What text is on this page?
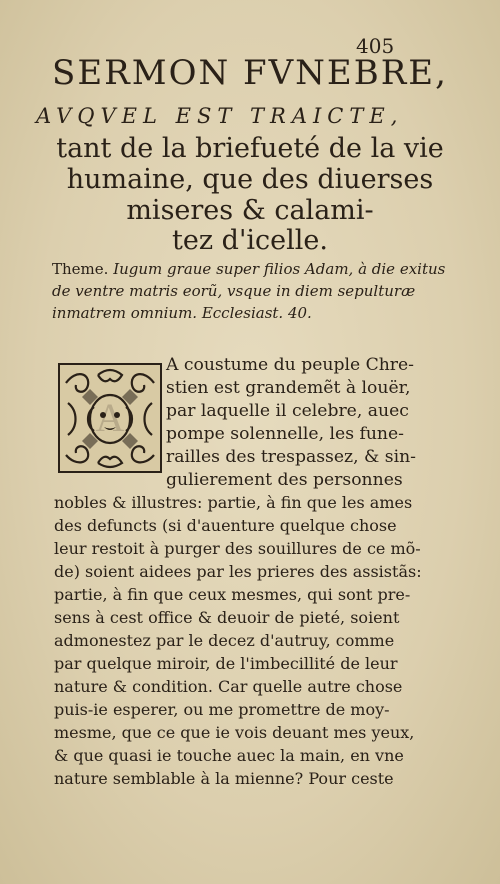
405
SERMON FVNEBRE,
AVQVEL EST TRAICTE,
tant de la briefueté de la vie
humaine, que des diuerses
miseres & calami-
tez d'icelle.
Theme. Iugum graue super filios Adam, à die exitus de ventre matris eorũ, vsque in diem sepulturæ inmatrem omnium. Ecclesiast. 40.
A
A coustume du peuple Chre-
stien est grandemẽt à louër,
par laquelle il celebre, auec
pompe solennelle, les fune-
railles des trespassez, & sin-
gulierement des personnes
nobles & illustres: partie, à fin que les ames
des defuncts (si d'auenture quelque chose
leur restoit à purger des souillures de ce mõ-
de) soient aidees par les prieres des assistãs:
partie, à fin que ceux mesmes, qui sont pre-
sens à cest office & deuoir de pieté, soient
admonestez par le decez d'autruy, comme
par quelque miroir, de l'imbecillité de leur
nature & condition. Car quelle autre chose
puis-ie esperer, ou me promettre de moy-
mesme, que ce que ie vois deuant mes yeux,
& que quasi ie touche auec la main, en vne
nature semblable à la mienne? Pour ceste
